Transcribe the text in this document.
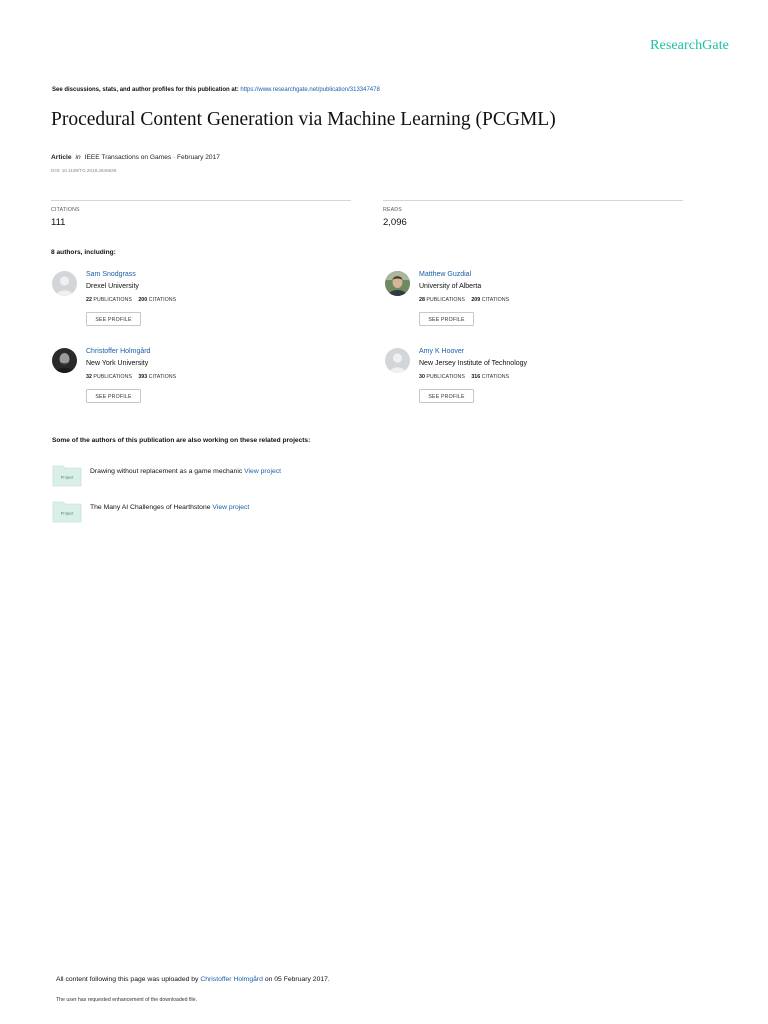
ResearchGate
See discussions, stats, and author profiles for this publication at: https://www.researchgate.net/publication/313347478
Procedural Content Generation via Machine Learning (PCGML)
Article in IEEE Transactions on Games · February 2017
DOI: 10.1109/TG.2018.2846639
CITATIONS
111
READS
2,096
8 authors, including:
Sam Snodgrass
Drexel University
22 PUBLICATIONS 200 CITATIONS
SEE PROFILE
Matthew Guzdial
University of Alberta
28 PUBLICATIONS 209 CITATIONS
SEE PROFILE
Christoffer Holmgård
New York University
32 PUBLICATIONS 393 CITATIONS
SEE PROFILE
Amy K Hoover
New Jersey Institute of Technology
30 PUBLICATIONS 316 CITATIONS
SEE PROFILE
Some of the authors of this publication are also working on these related projects:
Project
Drawing without replacement as a game mechanic View project
Project
The Many AI Challenges of Hearthstone View project
All content following this page was uploaded by Christoffer Holmgård on 05 February 2017.
The user has requested enhancement of the downloaded file.
